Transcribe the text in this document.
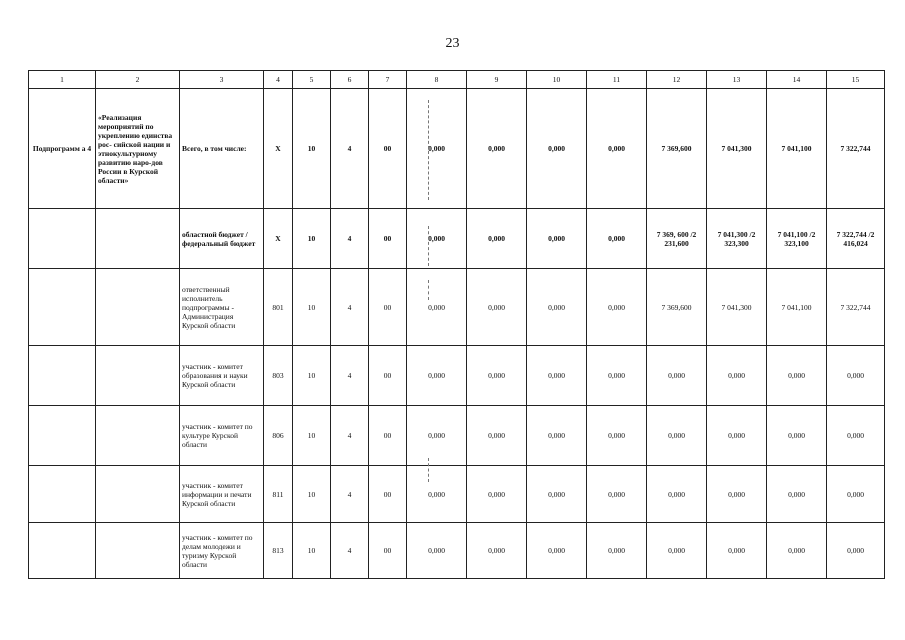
23
1	2	3	4	5	6	7	8	9	10	11	12	13	14	15
Подпрограмм а 4	«Реализация мероприятий по укреплению единства рос- сийской нации и этнокультурному развитию наро-дов России в Курской области»	Всего, в том числе:	Х	10	4	00	0,000	0,000	0,000	0,000	7 369,600	7 041,300	7 041,100	7 322,744
		областной бюджет /федеральный бюджет	Х	10	4	00	0,000	0,000	0,000	0,000	7 369, 600 /2 231,600	7 041,300 /2 323,300	7 041,100 /2 323,100	7 322,744 /2 416,024
		ответственный исполнитель подпрограммы - Администрация Курской области	801	10	4	00	0,000	0,000	0,000	0,000	7 369,600	7 041,300	7 041,100	7 322,744
		участник - комитет образования и науки Курской области	803	10	4	00	0,000	0,000	0,000	0,000	0,000	0,000	0,000	0,000
		участник - комитет по культуре Курской области	806	10	4	00	0,000	0,000	0,000	0,000	0,000	0,000	0,000	0,000
		участник - комитет информации и печати Курской области	811	10	4	00	0,000	0,000	0,000	0,000	0,000	0,000	0,000	0,000
		участник - комитет по делам молодежи и туризму Курской области	813	10	4	00	0,000	0,000	0,000	0,000	0,000	0,000	0,000	0,000
